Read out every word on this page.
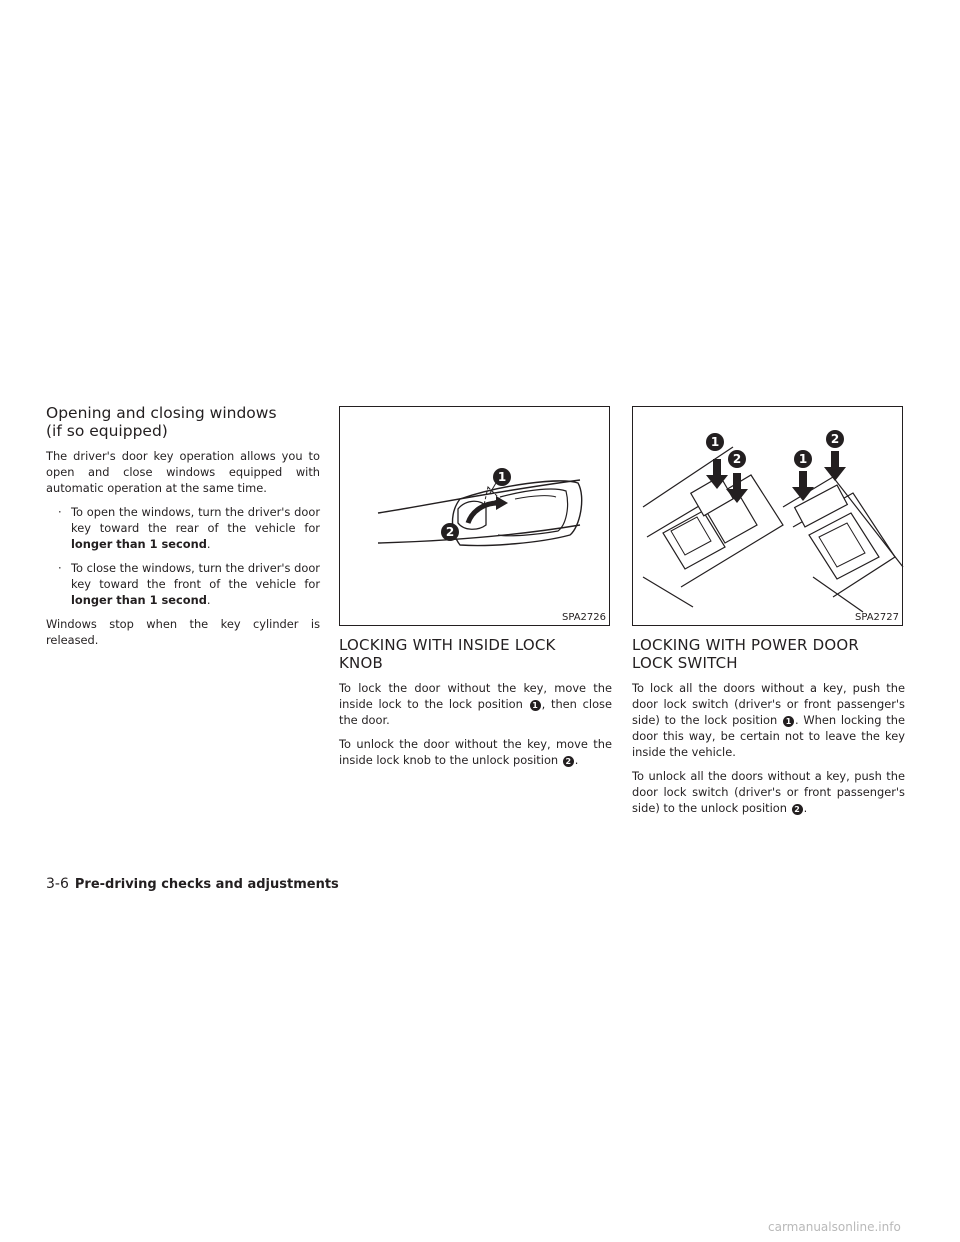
Opening and closing windows
(if so equipped)

The driver's door key operation allows you to open and close windows equipped with automatic operation at the same time.

· To open the windows, turn the driver's door key toward the rear of the vehicle for longer than 1 second.
· To close the windows, turn the driver's door key toward the front of the vehicle for longer than 1 second.

Windows stop when the key cylinder is released.

1
2
SPA2726
LOCKING WITH INSIDE LOCK
KNOB

To lock the door without the key, move the inside lock to the lock position 1 , then close the door.

To unlock the door without the key, move the inside lock knob to the unlock position 2 .

1
2	1
2
SPA2727
LOCKING WITH POWER DOOR
LOCK SWITCH

To lock all the doors without a key, push the door lock switch (driver's or front passenger's side) to the lock position 1 . When locking the door this way, be certain not to leave the key inside the vehicle.

To unlock all the doors without a key, push the door lock switch (driver's or front passenger's side) to the unlock position 2 .

3-6 Pre-driving checks and adjustments
carmanualsonline.info
